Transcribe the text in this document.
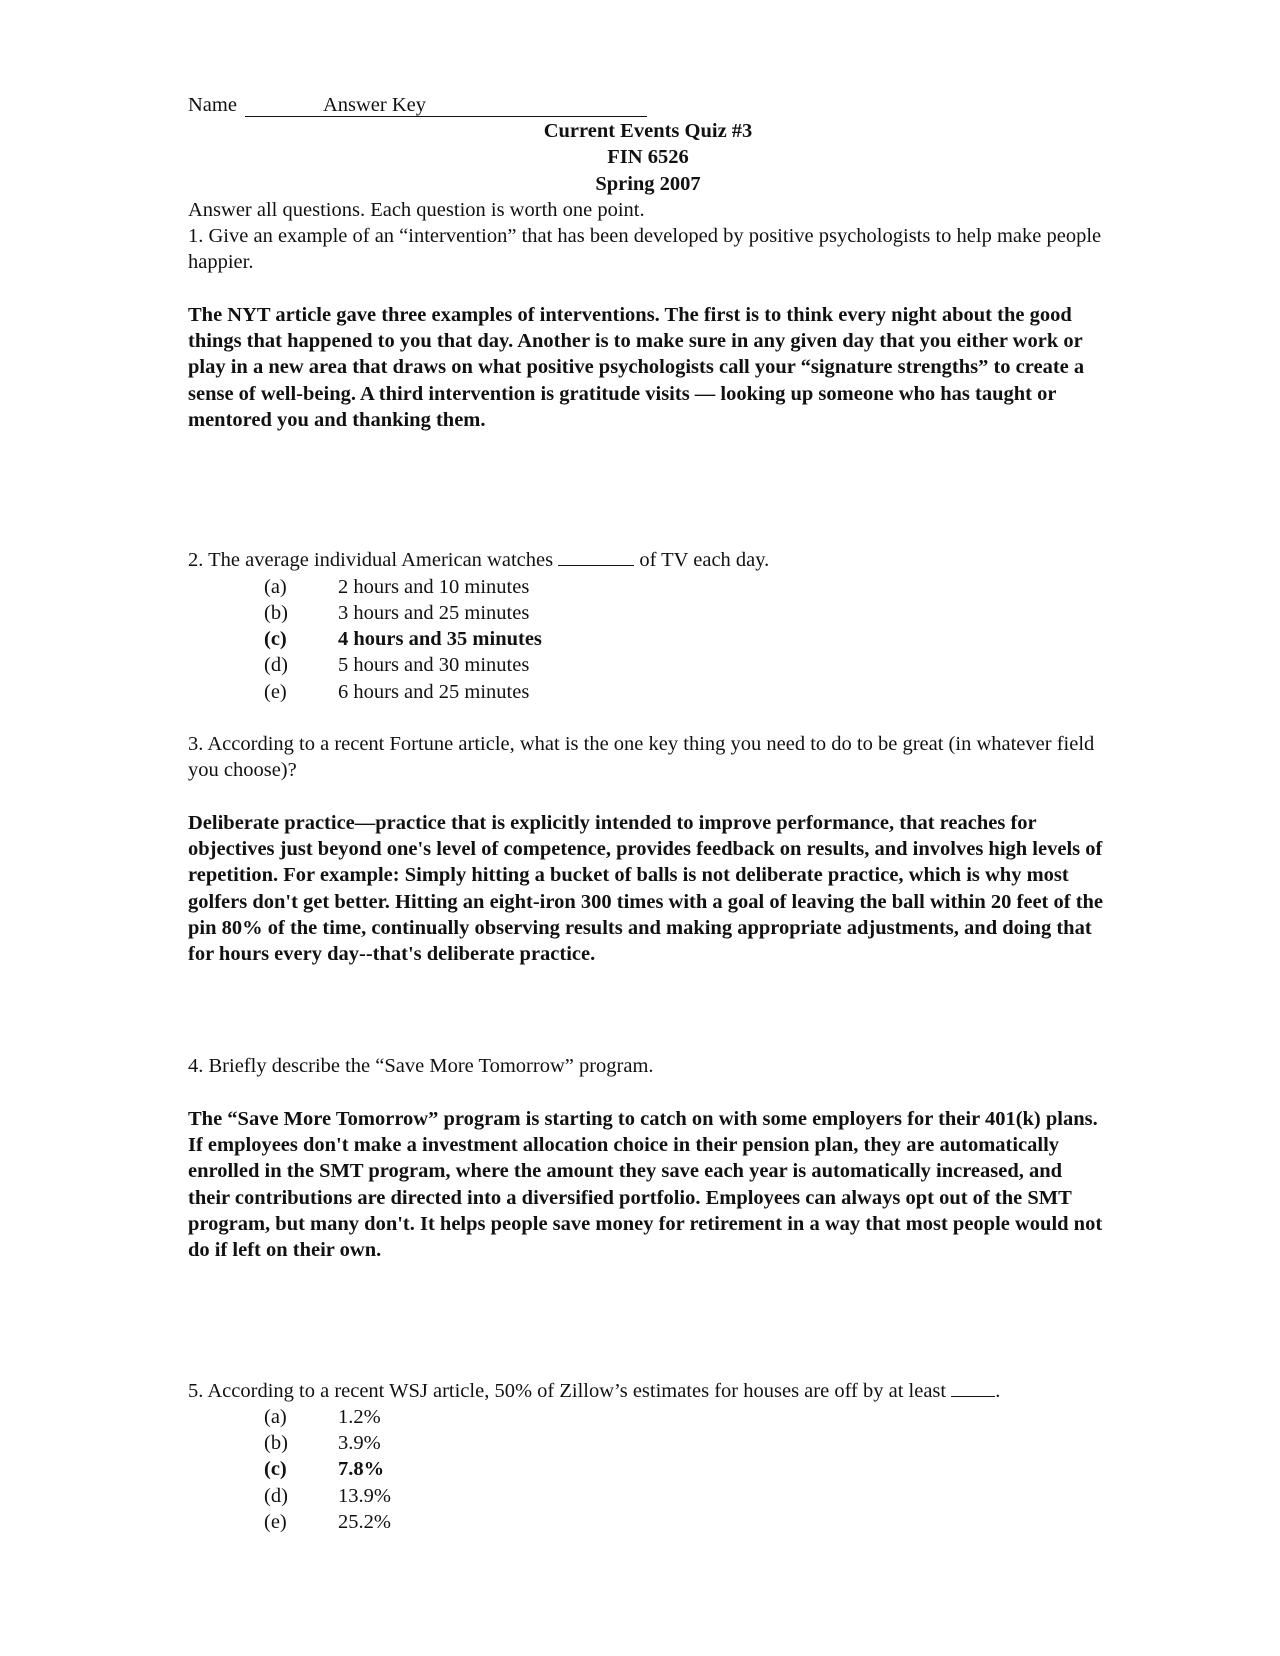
Name	Answer Key
Current Events Quiz #3
FIN 6526
Spring 2007
Answer all questions. Each question is worth one point.
1. Give an example of an “intervention” that has been developed by positive psychologists to help make people happier.
The NYT article gave three examples of interventions. The first is to think every night about the good things that happened to you that day. Another is to make sure in any given day that you either work or play in a new area that draws on what positive psychologists call your “signature strengths” to create a sense of well-being. A third intervention is gratitude visits — looking up someone who has taught or mentored you and thanking them.
2. The average individual American watches	of TV each day.
(a)	2 hours and 10 minutes
(b)	3 hours and 25 minutes
(c)	4 hours and 35 minutes
(d)	5 hours and 30 minutes
(e)	6 hours and 25 minutes
3. According to a recent Fortune article, what is the one key thing you need to do to be great (in whatever field you choose)?
Deliberate practice—practice that is explicitly intended to improve performance, that reaches for objectives just beyond one's level of competence, provides feedback on results, and involves high levels of repetition. For example: Simply hitting a bucket of balls is not deliberate practice, which is why most golfers don't get better. Hitting an eight-iron 300 times with a goal of leaving the ball within 20 feet of the pin 80% of the time, continually observing results and making appropriate adjustments, and doing that for hours every day--that's deliberate practice.
4. Briefly describe the “Save More Tomorrow” program.
The “Save More Tomorrow” program is starting to catch on with some employers for their 401(k) plans. If employees don't make a investment allocation choice in their pension plan, they are automatically enrolled in the SMT program, where the amount they save each year is automatically increased, and their contributions are directed into a diversified portfolio. Employees can always opt out of the SMT program, but many don't. It helps people save money for retirement in a way that most people would not do if left on their own.
5. According to a recent WSJ article, 50% of Zillow’s estimates for houses are off by at least .
(a)	1.2%
(b)	3.9%
(c)	7.8%
(d)	13.9%
(e)	25.2%
